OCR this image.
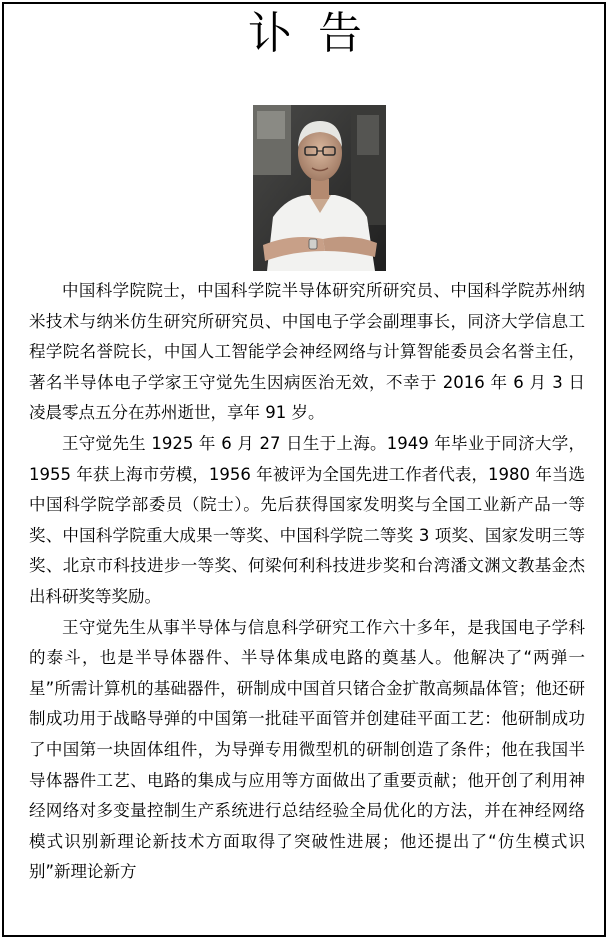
讣 告

中国科学院院士，中国科学院半导体研究所研究员、中国科学院苏州纳米技术与纳米仿生研究所研究员、中国电子学会副理事长，同济大学信息工程学院名誉院长，中国人工智能学会神经网络与计算智能委员会名誉主任，著名半导体电子学家王守觉先生因病医治无效，不幸于 2016 年 6 月 3 日凌晨零点五分在苏州逝世，享年 91 岁。

王守觉先生 1925 年 6 月 27 日生于上海。1949 年毕业于同济大学，1955 年获上海市劳模，1956 年被评为全国先进工作者代表，1980 年当选中国科学院学部委员（院士）。先后获得国家发明奖与全国工业新产品一等奖、中国科学院重大成果一等奖、中国科学院二等奖 3 项奖、国家发明三等奖、北京市科技进步一等奖、何梁何利科技进步奖和台湾潘文渊文教基金杰出科研奖等奖励。

王守觉先生从事半导体与信息科学研究工作六十多年，是我国电子学科的泰斗，也是半导体器件、半导体集成电路的奠基人。他解决了“两弹一星”所需计算机的基础器件，研制成中国首只锗合金扩散高频晶体管；他还研制成功用于战略导弹的中国第一批硅平面管并创建硅平面工艺：他研制成功了中国第一块固体组件，为导弹专用微型机的研制创造了条件；他在我国半导体器件工艺、电路的集成与应用等方面做出了重要贡献；他开创了利用神经网络对多变量控制生产系统进行总结经验全局优化的方法，并在神经网络模式识别新理论新技术方面取得了突破性进展；他还提出了“仿生模式识别”新理论新方
